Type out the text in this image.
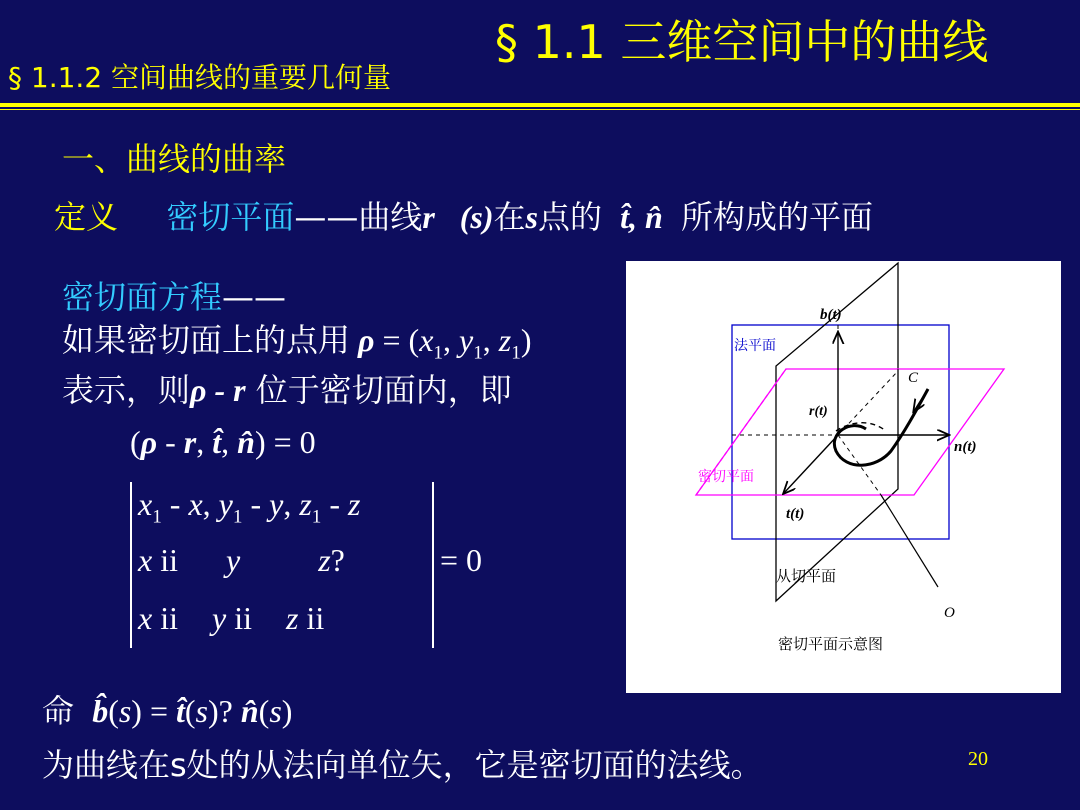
§ 1.1 三维空间中的曲线
§ 1.1.2 空间曲线的重要几何量
一、曲线的曲率
定义 密切平面——曲线r⃗(s)在s点的  t̂, n̂  所构成的平面
密切面方程——
如果密切面上的点用 $\rho = (x_1$, $y_1$, $z_1$)
表示，则ρ - r 位于密切面内，即
(ρ - r, t̂, n̂) = 0
$x_1$ - x, $y_1$ - y, $z_1$ - z
x ii y z?
x ii y ii z ii
= 0
b(t)
法平面
C
r(t)
n(t)
密切平面
t(t)
从切平面
O
密切平面示意图
命 b̂(s) = t̂(s)? n̂(s)
为曲线在s处的从法向单位矢，它是密切面的法线。	20
